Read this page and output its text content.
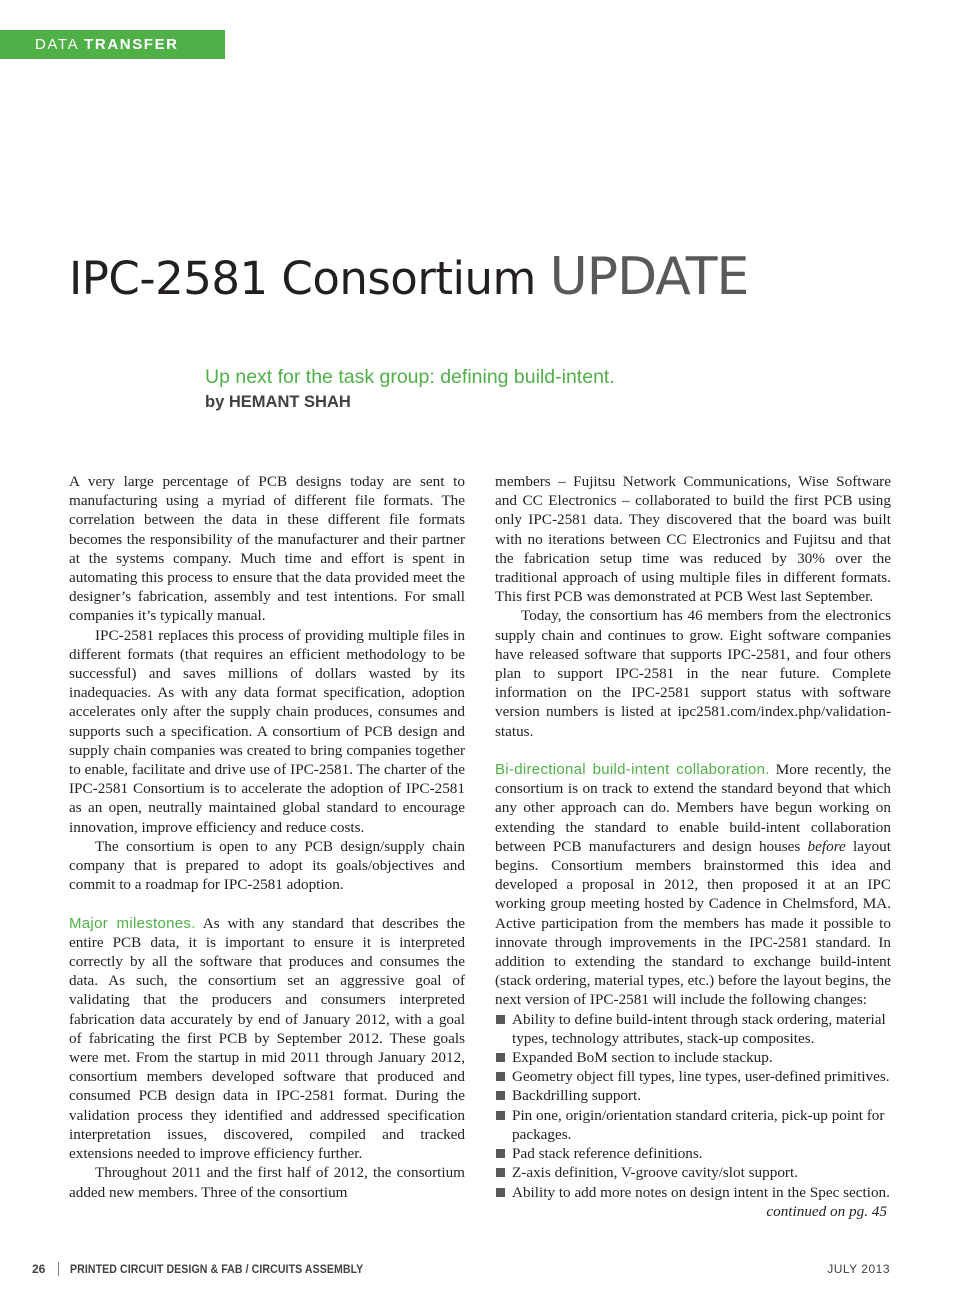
DATA TRANSFER
IPC-2581 Consortium UPDATE
Up next for the task group: defining build-intent.
by HEMANT SHAH

A very large percentage of PCB designs today are sent to manufacturing using a myriad of different file formats. The correlation between the data in these different file formats becomes the responsibility of the manufacturer and their partner at the systems company. Much time and effort is spent in automating this process to ensure that the data provided meet the designer’s fabrication, assembly and test intentions. For small companies it’s typically manual.

IPC-2581 replaces this process of providing multiple files in different formats (that requires an efficient methodology to be successful) and saves millions of dollars wasted by its inadequacies. As with any data format specification, adoption accelerates only after the supply chain produces, consumes and supports such a specification. A consortium of PCB design and supply chain companies was created to bring companies together to enable, facilitate and drive use of IPC-2581. The charter of the IPC-2581 Consortium is to accelerate the adoption of IPC-2581 as an open, neutrally maintained global standard to encourage innovation, improve efficiency and reduce costs.

The consortium is open to any PCB design/supply chain company that is prepared to adopt its goals/objectives and commit to a roadmap for IPC-2581 adoption.

Major milestones. As with any standard that describes the entire PCB data, it is important to ensure it is interpreted correctly by all the software that produces and consumes the data. As such, the consortium set an aggressive goal of validating that the producers and consumers interpreted fabrication data accurately by end of January 2012, with a goal of fabricating the first PCB by September 2012. These goals were met. From the startup in mid 2011 through January 2012, consortium members developed software that produced and consumed PCB design data in IPC-2581 format. During the validation process they identified and addressed specification interpretation issues, discovered, compiled and tracked extensions needed to improve efficiency further.

Throughout 2011 and the first half of 2012, the consortium added new members. Three of the consortium

members – Fujitsu Network Communications, Wise Software and CC Electronics – collaborated to build the first PCB using only IPC-2581 data. They discovered that the board was built with no iterations between CC Electronics and Fujitsu and that the fabrication setup time was reduced by 30% over the traditional approach of using multiple files in different formats. This first PCB was demonstrated at PCB West last September.

Today, the consortium has 46 members from the electronics supply chain and continues to grow. Eight software companies have released software that supports IPC-2581, and four others plan to support IPC-2581 in the near future. Complete information on the IPC-2581 support status with software version numbers is listed at ipc2581.com/index.php/validation-status.

Bi-directional build-intent collaboration. More recently, the consortium is on track to extend the standard beyond that which any other approach can do. Members have begun working on extending the standard to enable build-intent collaboration between PCB manufacturers and design houses before layout begins. Consortium members brainstormed this idea and developed a proposal in 2012, then proposed it at an IPC working group meeting hosted by Cadence in Chelmsford, MA. Active participation from the members has made it possible to innovate through improvements in the IPC-2581 standard. In addition to extending the standard to exchange build-intent (stack ordering, material types, etc.) before the layout begins, the next version of IPC-2581 will include the following changes:

Ability to define build-intent through stack ordering, material types, technology attributes, stack-up composites.
Expanded BoM section to include stackup.
Geometry object fill types, line types, user-defined primitives.
Backdrilling support.
Pin one, origin/orientation standard criteria, pick-up point for packages.
Pad stack reference definitions.
Z-axis definition, V-groove cavity/slot support.
Ability to add more notes on design intent in the Spec section.
continued on pg. 45
26 PRINTED CIRCUIT DESIGN & FAB / CIRCUITS ASSEMBLY	JULY 2013
